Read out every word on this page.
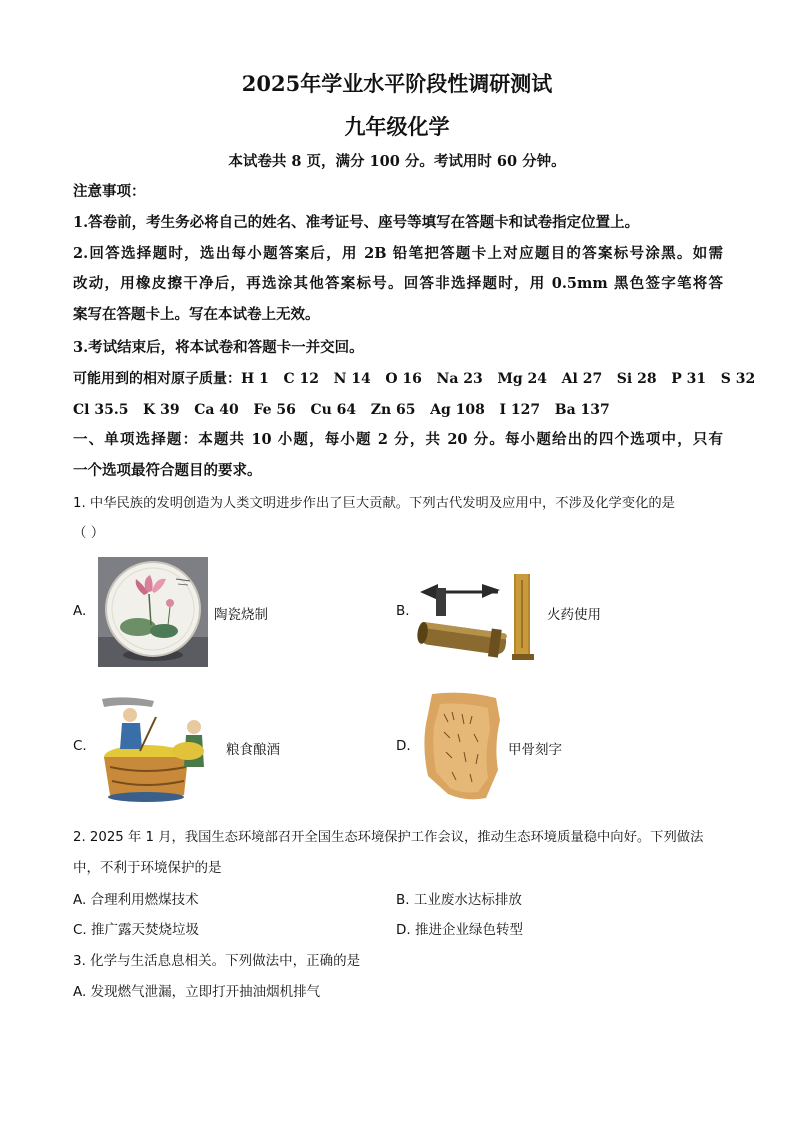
2025年学业水平阶段性调研测试
九年级化学
本试卷共 8 页，满分 100 分。考试用时 60 分钟。
注意事项：
1.答卷前，考生务必将自己的姓名、准考证号、座号等填写在答题卡和试卷指定位置上。
2.回答选择题时，选出每小题答案后，用 2B 铅笔把答题卡上对应题目的答案标号涂黑。如需
改动，用橡皮擦干净后，再选涂其他答案标号。回答非选择题时，用 0.5mm 黑色签字笔将答
案写在答题卡上。写在本试卷上无效。
3.考试结束后，将本试卷和答题卡一并交回。
可能用到的相对原子质量：H 1   C 12   N 14   O 16   Na 23   Mg 24   Al 27   Si 28   P 31   S 32
Cl 35.5   K 39   Ca 40   Fe 56   Cu 64   Zn 65   Ag 108   I 127   Ba 137
一、单项选择题：本题共 10 小题，每小题 2 分，共 20 分。每小题给出的四个选项中，只有
一个选项最符合题目的要求。
1. 中华民族的发明创造为人类文明进步作出了巨大贡献。下列古代发明及应用中，不涉及化学变化的是
（ ）
A.	陶瓷烧制	B.	火药使用
C.	粮食酿酒	D.	甲骨刻字
2. 2025 年 1 月，我国生态环境部召开全国生态环境保护工作会议，推动生态环境质量稳中向好。下列做法
中，不利于环境保护的是
A. 合理利用燃煤技术	B. 工业废水达标排放
C. 推广露天焚烧垃圾	D. 推进企业绿色转型
3. 化学与生活息息相关。下列做法中，正确的是
A. 发现燃气泄漏，立即打开抽油烟机排气
